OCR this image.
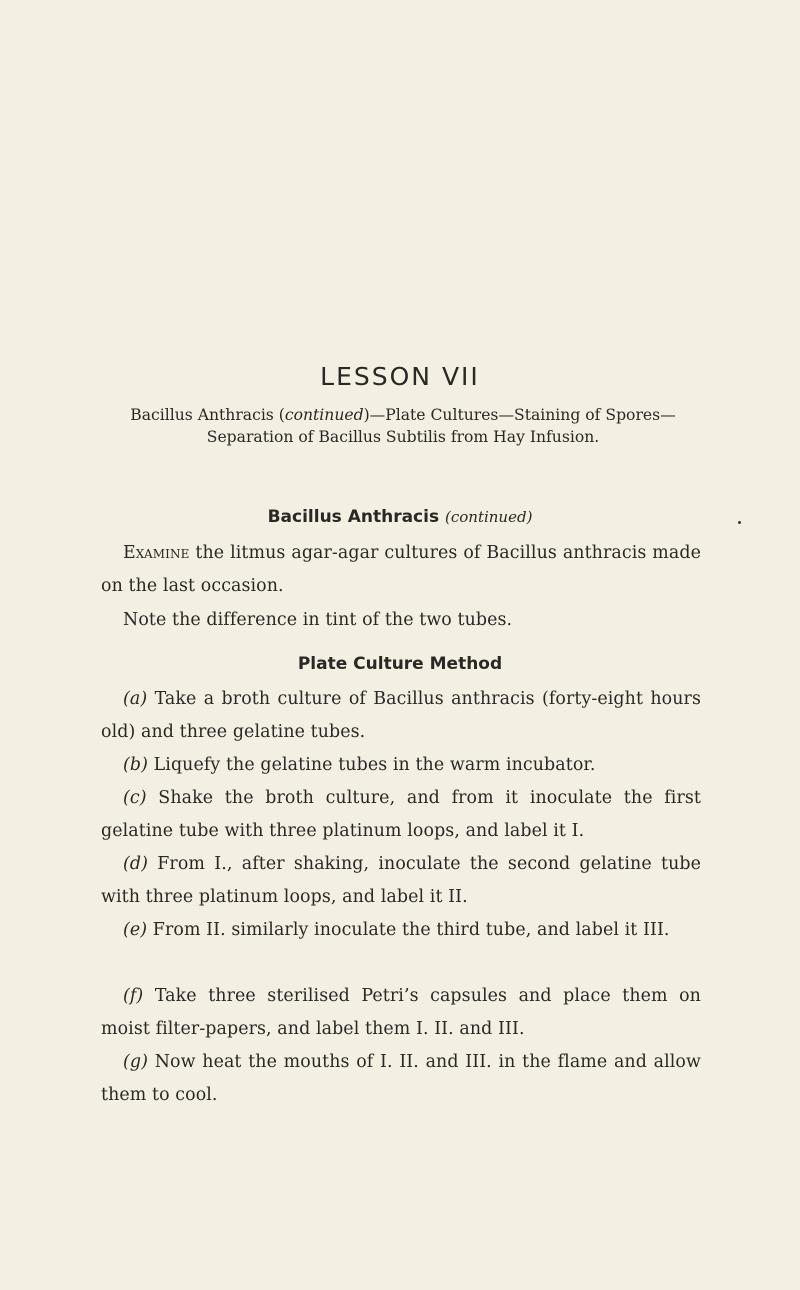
LESSON VII

Bacillus Anthracis (continued)—Plate Cultures—Staining of Spores— Separation of Bacillus Subtilis from Hay Infusion.

Bacillus Anthracis (continued)

Examine the litmus agar-agar cultures of Bacillus anthracis made on the last occasion.

Note the difference in tint of the two tubes.

Plate Culture Method

(a) Take a broth culture of Bacillus anthracis (forty-eight hours old) and three gelatine tubes.

(b) Liquefy the gelatine tubes in the warm incubator.

(c) Shake the broth culture, and from it inoculate the first gelatine tube with three platinum loops, and label it I.

(d) From I., after shaking, inoculate the second gelatine tube with three platinum loops, and label it II.

(e) From II. similarly inoculate the third tube, and label it III.

(f) Take three sterilised Petri’s capsules and place them on moist filter-papers, and label them I. II. and III.

(g) Now heat the mouths of I. II. and III. in the flame and allow them to cool.
